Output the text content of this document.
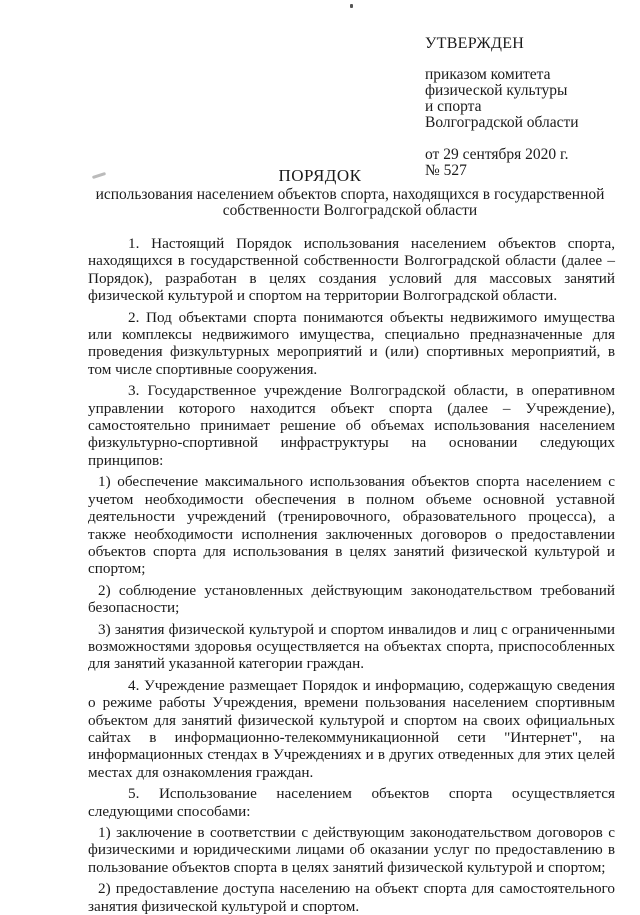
УТВЕРЖДЕН
приказом комитета
физической культуры
и спорта
Волгоградской области
от 29 сентября 2020 г.
№ 527
ПОРЯДОК
использования населением объектов спорта, находящихся в государственной собственности Волгоградской области

1. Настоящий Порядок использования населением объектов спорта, находящихся в государственной собственности Волгоградской области (далее – Порядок), разработан в целях создания условий для массовых занятий физической культурой и спортом на территории Волгоградской области.

2. Под объектами спорта понимаются объекты недвижимого имущества или комплексы недвижимого имущества, специально предназначенные для проведения физкультурных мероприятий и (или) спортивных мероприятий, в том числе спортивные сооружения.

3. Государственное учреждение Волгоградской области, в оперативном управлении которого находится объект спорта (далее – Учреждение), самостоятельно принимает решение об объемах использования населением физкультурно-спортивной инфраструктуры на основании следующих принципов:

1) обеспечение максимального использования объектов спорта населением с учетом необходимости обеспечения в полном объеме основной уставной деятельности учреждений (тренировочного, образовательного процесса), а также необходимости исполнения заключенных договоров о предоставлении объектов спорта для использования в целях занятий физической культурой и спортом;

2) соблюдение установленных действующим законодательством требований безопасности;

3) занятия физической культурой и спортом инвалидов и лиц с ограниченными возможностями здоровья осуществляется на объектах спорта, приспособленных для занятий указанной категории граждан.

4. Учреждение размещает Порядок и информацию, содержащую сведения о режиме работы Учреждения, времени пользования населением спортивным объектом для занятий физической культурой и спортом на своих официальных сайтах в информационно-телекоммуникационной сети "Интернет", на информационных стендах в Учреждениях и в других отведенных для этих целей местах для ознакомления граждан.

5. Использование населением объектов спорта осуществляется следующими способами:

1) заключение в соответствии с действующим законодательством договоров с физическими и юридическими лицами об оказании услуг по предоставлению в пользование объектов спорта в целях занятий физической культурой и спортом;

2) предоставление доступа населению на объект спорта для самостоятельного занятия физической культурой и спортом.
